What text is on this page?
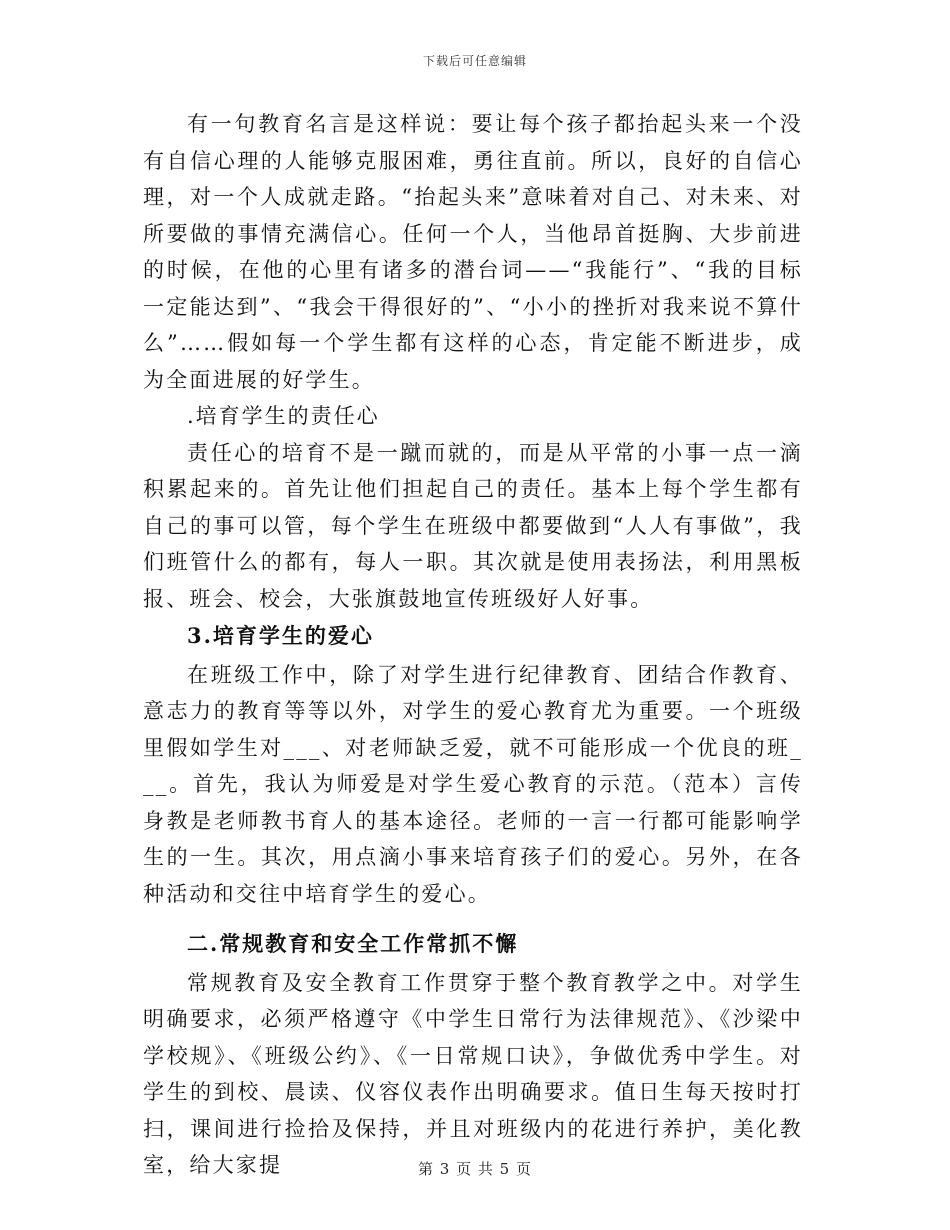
下载后可任意编辑

有一句教育名言是这样说：要让每个孩子都抬起头来一个没有自信心理的人能够克服困难，勇往直前。所以，良好的自信心理，对一个人成就走路。“抬起头来”意味着对自己、对未来、对所要做的事情充满信心。任何一个人，当他昂首挺胸、大步前进的时候，在他的心里有诸多的潜台词——“我能行”、“我的目标一定能达到”、“我会干得很好的”、“小小的挫折对我来说不算什么”……假如每一个学生都有这样的心态，肯定能不断进步，成为全面进展的好学生。

.培育学生的责任心

责任心的培育不是一蹴而就的，而是从平常的小事一点一滴积累起来的。首先让他们担起自己的责任。基本上每个学生都有自己的事可以管，每个学生在班级中都要做到“人人有事做”，我们班管什么的都有，每人一职。其次就是使用表扬法，利用黑板报、班会、校会，大张旗鼓地宣传班级好人好事。

3.培育学生的爱心

在班级工作中，除了对学生进行纪律教育、团结合作教育、意志力的教育等等以外，对学生的爱心教育尤为重要。一个班级里假如学生对___、对老师缺乏爱，就不可能形成一个优良的班___。首先，我认为师爱是对学生爱心教育的示范。（范本）言传身教是老师教书育人的基本途径。老师的一言一行都可能影响学生的一生。其次，用点滴小事来培育孩子们的爱心。另外，在各种活动和交往中培育学生的爱心。

二.常规教育和安全工作常抓不懈

常规教育及安全教育工作贯穿于整个教育教学之中。对学生明确要求，必须严格遵守《中学生日常行为法律规范》、《沙梁中学校规》、《班级公约》、《一日常规口诀》，争做优秀中学生。对学生的到校、晨读、仪容仪表作出明确要求。值日生每天按时打扫，课间进行捡拾及保持，并且对班级内的花进行养护，美化教室，给大家提	第 3 页 共 5 页
